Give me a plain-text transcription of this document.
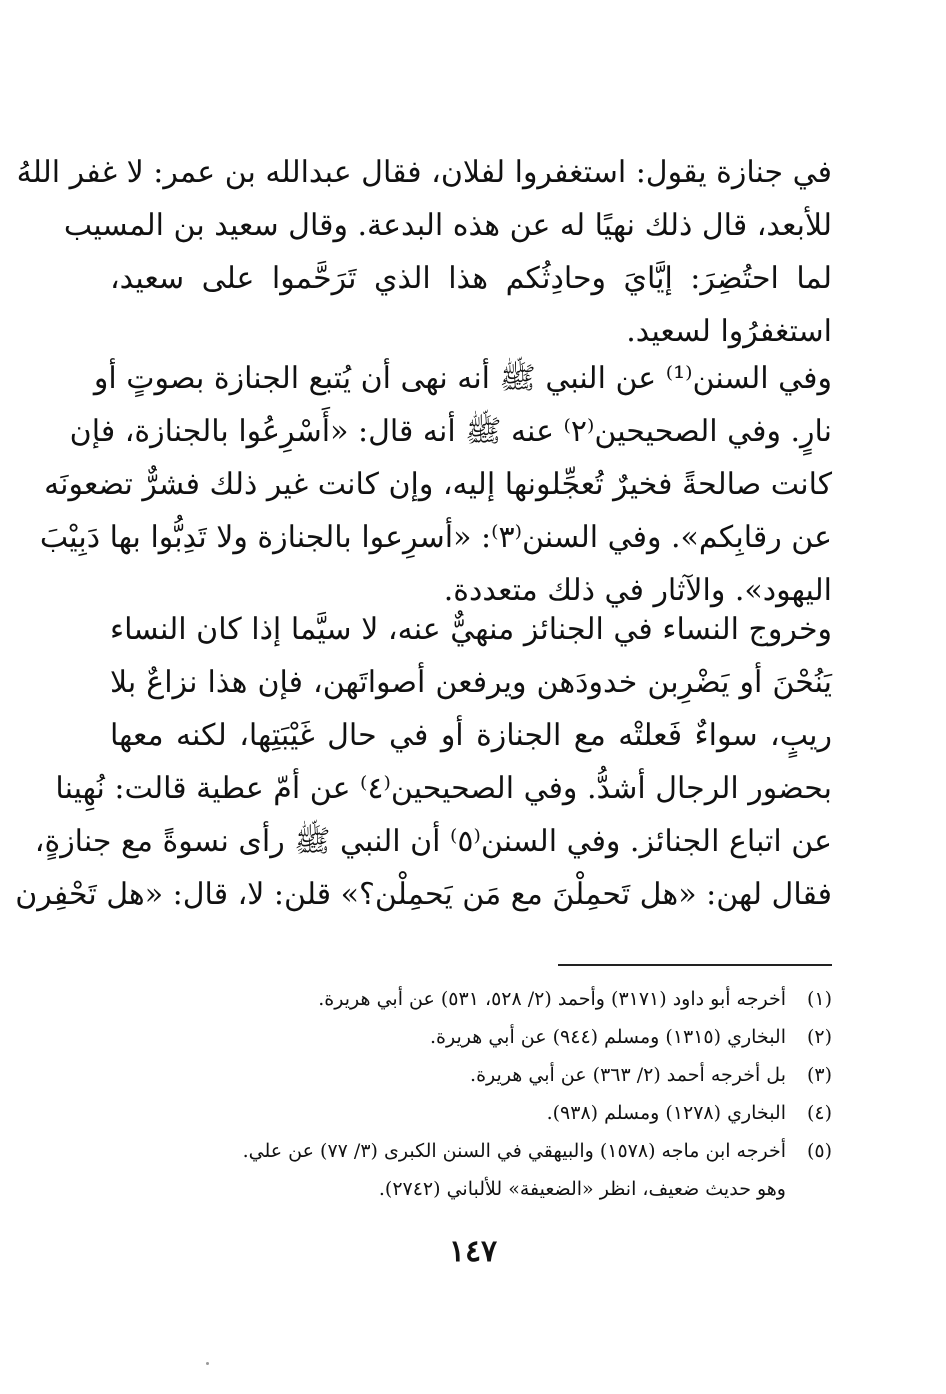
في جنازة يقول: استغفروا لفلان، فقال عبدالله بن عمر: لا غفر اللهُ
للأبعد، قال ذلك نهيًا له عن هذه البدعة. وقال سعيد بن المسيب
لما احتُضِرَ: إيَّايَ وحادِثُكم هذا الذي تَرَحَّموا على سعيد،
استغفرُوا لسعيد.
وفي السنن⁽¹⁾ عن النبي ﷺ أنه نهى أن يُتبع الجنازة بصوتٍ أو
نارٍ. وفي الصحيحين⁽٢⁾ عنه ﷺ أنه قال: «أَسْرِعُوا بالجنازة، فإن
كانت صالحةً فخيرٌ تُعجِّلونها إليه، وإن كانت غير ذلك فشرٌّ تضعونَه
عن رقابِكم». وفي السنن⁽٣⁾: «أسرِعوا بالجنازة ولا تَدِبُّوا بها دَبِيْبَ
اليهود». والآثار في ذلك متعددة.
وخروج النساء في الجنائز منهيٌّ عنه، لا سيَّما إذا كان النساء
يَنُحْنَ أو يَضْرِبن خدودَهن ويرفعن أصواتَهن، فإن هذا نزاعٌ بلا
ريبٍ، سواءٌ فَعلتْه مع الجنازة أو في حال غَيْبَتِها، لكنه معها
بحضور الرجال أشدُّ. وفي الصحيحين⁽٤⁾ عن أمّ عطية قالت: نُهِينا
عن اتباع الجنائز. وفي السنن⁽٥⁾ أن النبي ﷺ رأى نسوةً مع جنازةٍ،
فقال لهن: «هل تَحمِلْنَ مع مَن يَحمِلْن؟» قلن: لا، قال: «هل تَحْفِرن
(١)
أخرجه أبو داود (٣١٧١) وأحمد (٢/ ٥٢٨، ٥٣١) عن أبي هريرة.
(٢)
البخاري (١٣١٥) ومسلم (٩٤٤) عن أبي هريرة.
(٣)
بل أخرجه أحمد (٢/ ٣٦٣) عن أبي هريرة.
(٤)
البخاري (١٢٧٨) ومسلم (٩٣٨).
(٥)
أخرجه ابن ماجه (١٥٧٨) والبيهقي في السنن الكبرى (٣/ ٧٧) عن علي.
وهو حديث ضعيف، انظر «الضعيفة» للألباني (٢٧٤٢).
١٤٧
